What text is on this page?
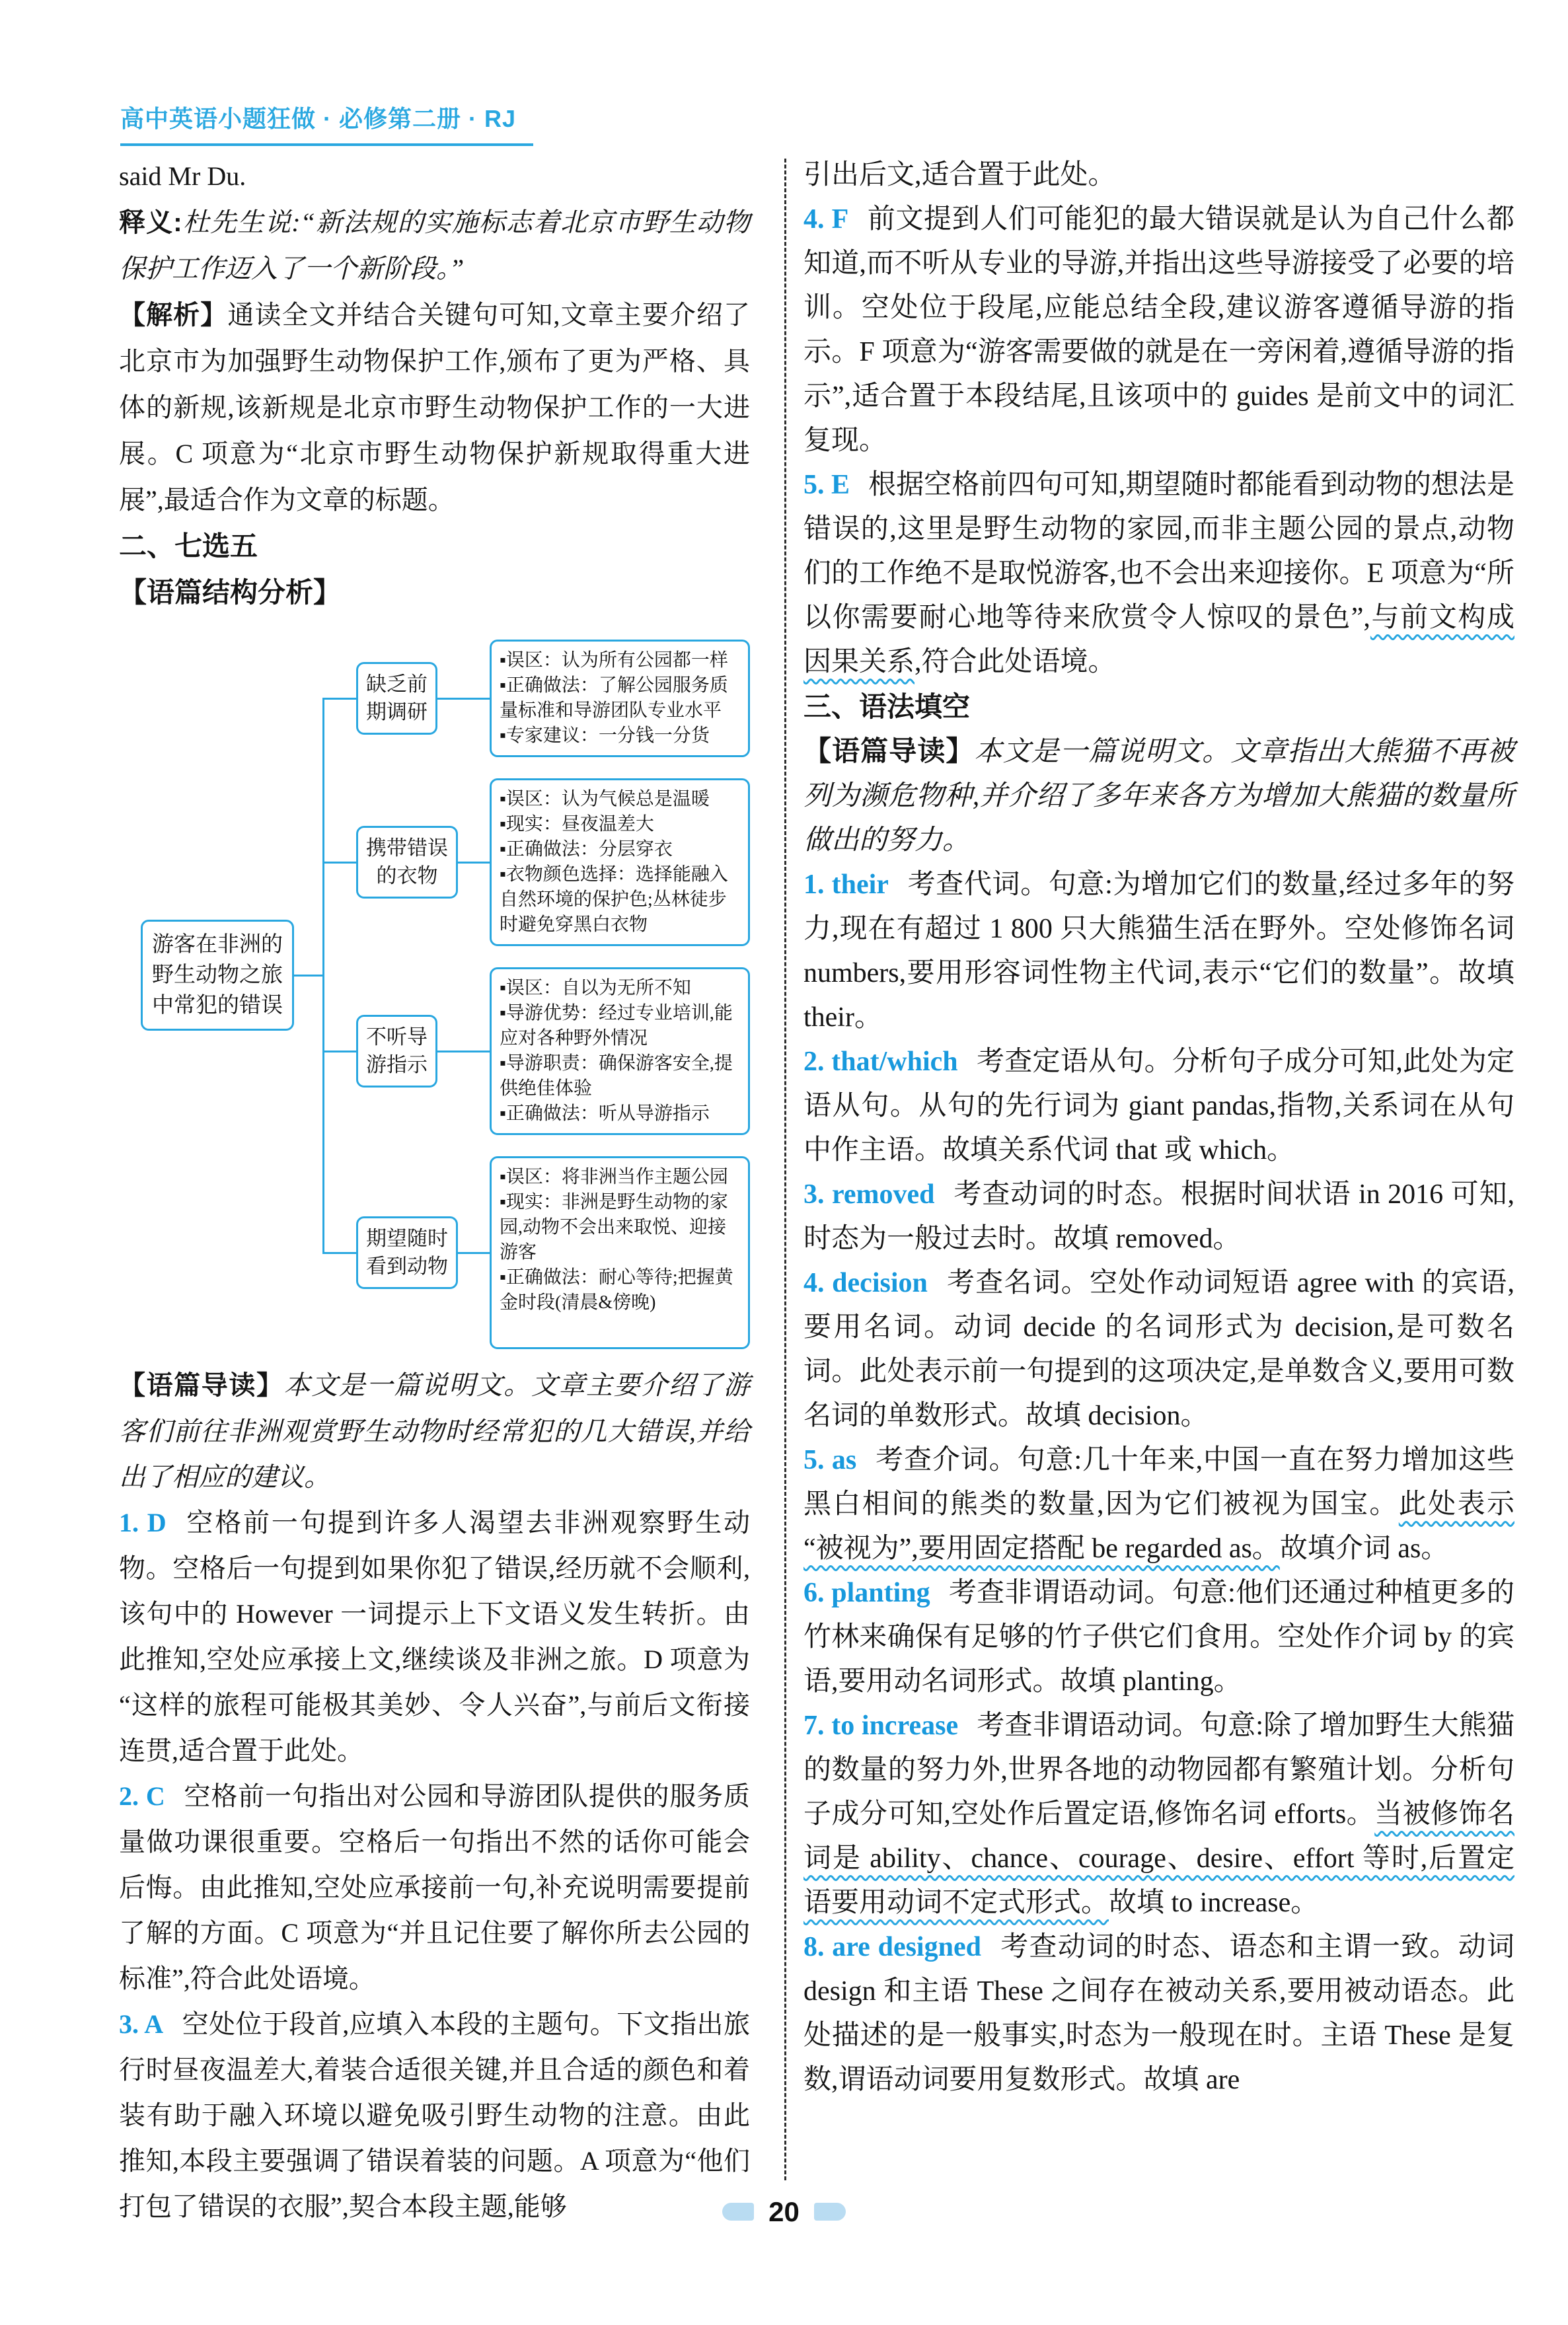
高中英语小题狂做 · 必修第二册 · RJ

said Mr Du.

释义:杜先生说:“新法规的实施标志着北京市野生动物保护工作迈入了一个新阶段。”

【解析】通读全文并结合关键句可知,文章主要介绍了北京市为加强野生动物保护工作,颁布了更为严格、具体的新规,该新规是北京市野生动物保护工作的一大进展。C 项意为“北京市野生动物保护新规取得重大进展”,最适合作为文章的标题。

二、七选五

【语篇结构分析】

游客在非洲的野生动物之旅中常犯的错误
缺乏前期调研
携带错误的衣物
不听导游指示
期望随时看到动物
▪误区：认为所有公园都一样
▪正确做法：了解公园服务质量标准和导游团队专业水平
▪专家建议：一分钱一分货
▪误区：认为气候总是温暖
▪现实：昼夜温差大
▪正确做法：分层穿衣
▪衣物颜色选择：选择能融入自然环境的保护色;丛林徒步时避免穿黑白衣物
▪误区：自以为无所不知
▪导游优势：经过专业培训,能应对各种野外情况
▪导游职责：确保游客安全,提供绝佳体验
▪正确做法：听从导游指示
▪误区：将非洲当作主题公园
▪现实：非洲是野生动物的家园,动物不会出来取悦、迎接游客
▪正确做法：耐心等待;把握黄金时段(清晨&傍晚)

【语篇导读】本文是一篇说明文。文章主要介绍了游客们前往非洲观赏野生动物时经常犯的几大错误,并给出了相应的建议。

1. D 空格前一句提到许多人渴望去非洲观察野生动物。空格后一句提到如果你犯了错误,经历就不会顺利,该句中的 However 一词提示上下文语义发生转折。由此推知,空处应承接上文,继续谈及非洲之旅。D 项意为“这样的旅程可能极其美妙、令人兴奋”,与前后文衔接连贯,适合置于此处。

2. C 空格前一句指出对公园和导游团队提供的服务质量做功课很重要。空格后一句指出不然的话你可能会后悔。由此推知,空处应承接前一句,补充说明需要提前了解的方面。C 项意为“并且记住要了解你所去公园的标准”,符合此处语境。

3. A 空处位于段首,应填入本段的主题句。下文指出旅行时昼夜温差大,着装合适很关键,并且合适的颜色和着装有助于融入环境以避免吸引野生动物的注意。由此推知,本段主要强调了错误着装的问题。A 项意为“他们打包了错误的衣服”,契合本段主题,能够

引出后文,适合置于此处。

4. F 前文提到人们可能犯的最大错误就是认为自己什么都知道,而不听从专业的导游,并指出这些导游接受了必要的培训。空处位于段尾,应能总结全段,建议游客遵循导游的指示。F 项意为“游客需要做的就是在一旁闲着,遵循导游的指示”,适合置于本段结尾,且该项中的 guides 是前文中的词汇复现。

5. E 根据空格前四句可知,期望随时都能看到动物的想法是错误的,这里是野生动物的家园,而非主题公园的景点,动物们的工作绝不是取悦游客,也不会出来迎接你。E 项意为“所以你需要耐心地等待来欣赏令人惊叹的景色”,与前文构成因果关系,符合此处语境。

三、语法填空

【语篇导读】本文是一篇说明文。文章指出大熊猫不再被列为濒危物种,并介绍了多年来各方为增加大熊猫的数量所做出的努力。

1. their 考查代词。句意:为增加它们的数量,经过多年的努力,现在有超过 1 800 只大熊猫生活在野外。空处修饰名词 numbers,要用形容词性物主代词,表示“它们的数量”。故填 their。

2. that/which 考查定语从句。分析句子成分可知,此处为定语从句。从句的先行词为 giant pandas,指物,关系词在从句中作主语。故填关系代词 that 或 which。

3. removed 考查动词的时态。根据时间状语 in 2016 可知,时态为一般过去时。故填 removed。

4. decision 考查名词。空处作动词短语 agree with 的宾语,要用名词。动词 decide 的名词形式为 decision,是可数名词。此处表示前一句提到的这项决定,是单数含义,要用可数名词的单数形式。故填 decision。

5. as 考查介词。句意:几十年来,中国一直在努力增加这些黑白相间的熊类的数量,因为它们被视为国宝。此处表示“被视为”,要用固定搭配 be regarded as。故填介词 as。

6. planting 考查非谓语动词。句意:他们还通过种植更多的竹林来确保有足够的竹子供它们食用。空处作介词 by 的宾语,要用动名词形式。故填 planting。

7. to increase 考查非谓语动词。句意:除了增加野生大熊猫的数量的努力外,世界各地的动物园都有繁殖计划。分析句子成分可知,空处作后置定语,修饰名词 efforts。当被修饰名词是 ability、chance、courage、desire、effort 等时,后置定语要用动词不定式形式。故填 to increase。

8. are designed 考查动词的时态、语态和主谓一致。动词 design 和主语 These 之间存在被动关系,要用被动语态。此处描述的是一般事实,时态为一般现在时。主语 These 是复数,谓语动词要用复数形式。故填 are

20
